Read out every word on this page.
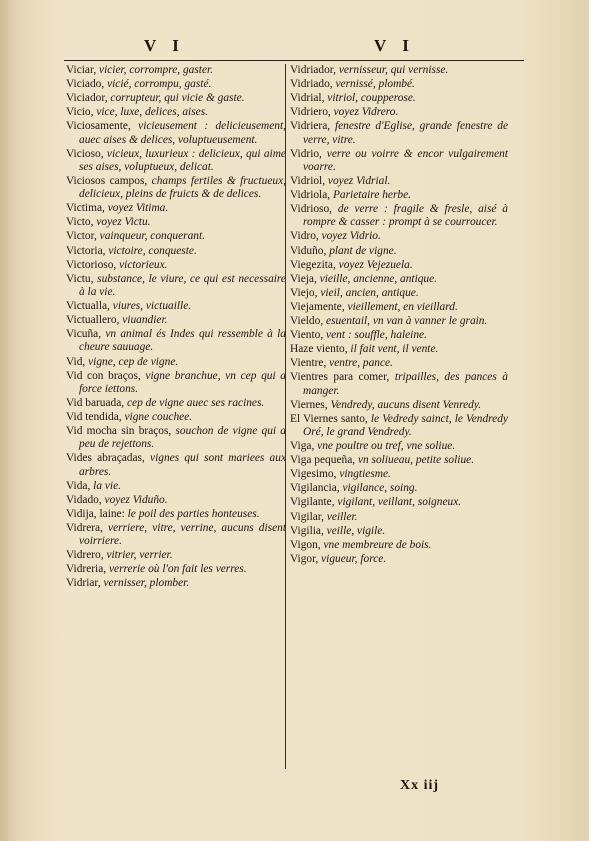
V I	V I

Viciar, vicier, corrompre, gaster.

Viciado, vicié, corrompu, gasté.

Viciador, corrupteur, qui vicie & gaste.

Vicio, vice, luxe, delices, aises.

Viciosamente, vicieusement : delicieusement, auec aises & delices, voluptueusement.

Vicioso, vicieux, luxurieux : delicieux, qui aime ses aises, voluptueux, delicat.

Viciosos campos, champs fertiles & fructueux, delicieux, pleins de fruicts & de delices.

Victima, voyez Vitima.

Victo, voyez Victu.

Victor, vainqueur, conquerant.

Victoria, victoire, conqueste.

Victorioso, victorieux.

Victu, substance, le viure, ce qui est necessaire à la vie.

Victualla, viures, victuaille.

Victuallero, viuandier.

Vicuña, vn animal és Indes qui ressemble à la cheure sauuage.

Vid, vigne, cep de vigne.

Vid con braços, vigne branchue, vn cep qui a force iettons.

Vid baruada, cep de vigne auec ses racines.

Vid tendida, vigne couchee.

Vid mocha sin braços, souchon de vigne qui a peu de rejettons.

Vides abraçadas, vignes qui sont mariees aux arbres.

Vida, la vie.

Vidado, voyez Viduño.

Vidija, laine: le poil des parties honteuses.

Vidrera, verriere, vitre, verrine, aucuns disent voirriere.

Vidrero, vitrier, verrier.

Vidreria, verrerie où l'on fait les verres.

Vidriar, vernisser, plomber.

Vidriador, vernisseur, qui vernisse.

Vidriado, vernissé, plombé.

Vidrial, vitriol, coupperose.

Vidriero, voyez Vidrero.

Vidriera, fenestre d'Eglise, grande fenestre de verre, vitre.

Vidrio, verre ou voirre & encor vulgairement voarre.

Vidriol, voyez Vidrial.

Vidriola, Parietaire herbe.

Vidrioso, de verre : fragile & fresle, aisé à rompre & casser : prompt à se courroucer.

Vidro, voyez Vidrio.

Viduño, plant de vigne.

Viegezita, voyez Vejezuela.

Vieja, vieille, ancienne, antique.

Viejo, vieil, ancien, antique.

Viejamente, vieillement, en vieillard.

Vieldo, esuentail, vn van à vanner le grain.

Viento, vent : souffle, haleine.

Haze viento, il fait vent, il vente.

Vientre, ventre, pance.

Vientres para comer, tripailles, des pances à manger.

Viernes, Vendredy, aucuns disent Venredy.

El Viernes santo, le Vedredy sainct, le Vendredy Oré, le grand Vendredy.

Viga, vne poultre ou tref, vne soliue.

Viga pequeña, vn soliueau, petite soliue.

Vigesimo, vingtiesme.

Vigilancia, vigilance, soing.

Vigilante, vigilant, veillant, soigneux.

Vigilar, veiller.

Vigilia, veille, vigile.

Vigon, vne membreure de bois.

Vigor, vigueur, force.

Xx iij
